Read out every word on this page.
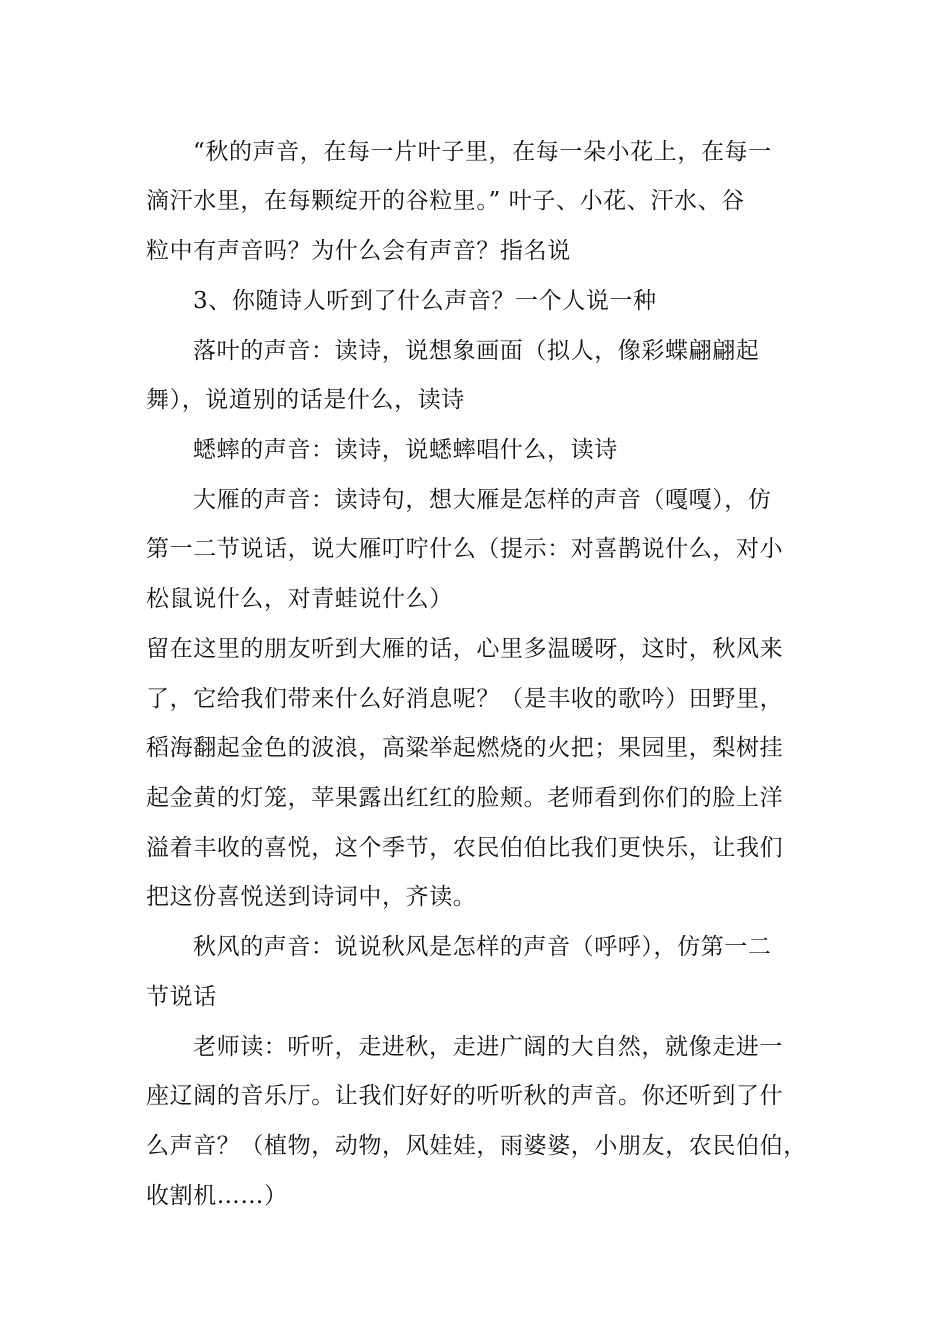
“秋的声音，在每一片叶子里，在每一朵小花上，在每一
滴汗水里，在每颗绽开的谷粒里。” 叶子、小花、汗水、谷
粒中有声音吗？为什么会有声音？指名说
3、你随诗人听到了什么声音？一个人说一种
落叶的声音：读诗，说想象画面（拟人，像彩蝶翩翩起
舞），说道别的话是什么，读诗
蟋蟀的声音：读诗，说蟋蟀唱什么，读诗
大雁的声音：读诗句，想大雁是怎样的声音（嘎嘎），仿
第一二节说话，说大雁叮咛什么（提示：对喜鹊说什么，对小
松鼠说什么，对青蛙说什么）
留在这里的朋友听到大雁的话，心里多温暖呀，这时，秋风来
了，它给我们带来什么好消息呢？（是丰收的歌吟）田野里，
稻海翻起金色的波浪，高粱举起燃烧的火把；果园里，梨树挂
起金黄的灯笼，苹果露出红红的脸颊。老师看到你们的脸上洋
溢着丰收的喜悦，这个季节，农民伯伯比我们更快乐，让我们
把这份喜悦送到诗词中，齐读。
秋风的声音：说说秋风是怎样的声音（呼呼），仿第一二
节说话
老师读：听听，走进秋，走进广阔的大自然，就像走进一
座辽阔的音乐厅。让我们好好的听听秋的声音。你还听到了什
么声音？（植物，动物，风娃娃，雨婆婆，小朋友，农民伯伯，
收割机……）
